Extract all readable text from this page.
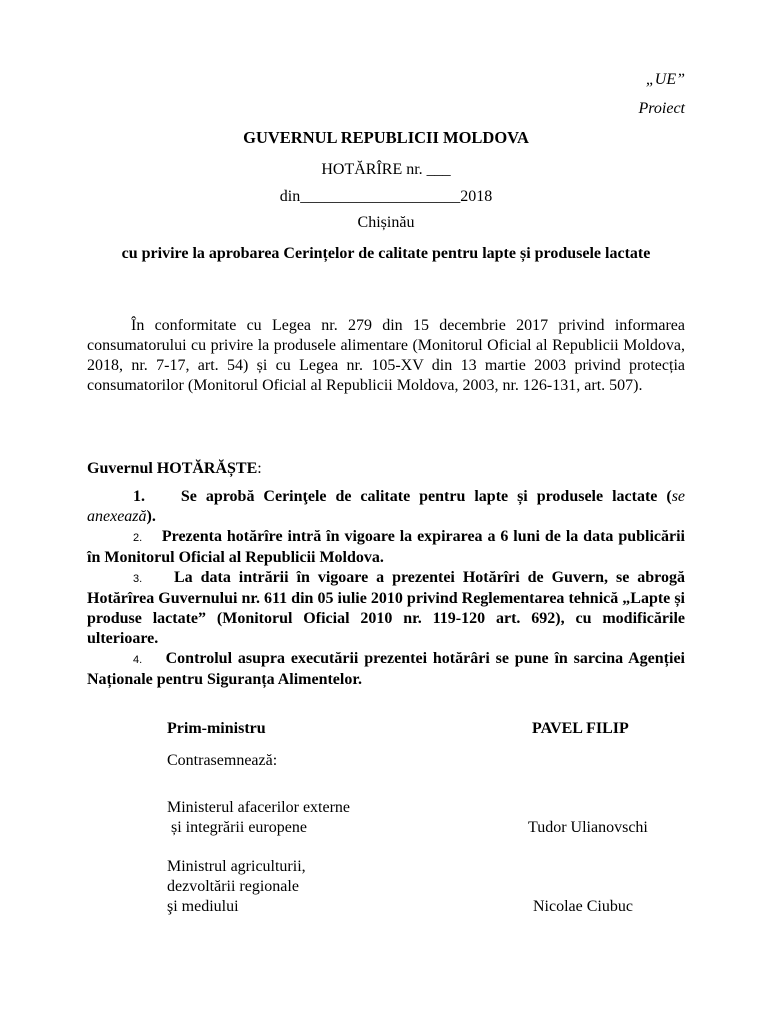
„UE”
Proiect
GUVERNUL REPUBLICII MOLDOVA
HOTĂRÎRE nr. ___
din____________________2018
Chișinău
cu privire la aprobarea Cerințelor de calitate pentru lapte și produsele lactate
În conformitate cu Legea nr. 279 din 15 decembrie 2017 privind informarea consumatorului cu privire la produsele alimentare (Monitorul Oficial al Republicii Moldova, 2018, nr. 7-17, art. 54) și cu Legea nr. 105-XV din 13 martie 2003 privind protecția consumatorilor (Monitorul Oficial al Republicii Moldova, 2003, nr. 126-131, art. 507).
Guvernul HOTĂRĂȘTE:
1. Se aprobă Cerinţele de calitate pentru lapte și produsele lactate (se anexează).
2. Prezenta hotărîre intră în vigoare la expirarea a 6 luni de la data publicării în Monitorul Oficial al Republicii Moldova.
3. La data intrării în vigoare a prezentei Hotărîri de Guvern, se abrogă Hotărîrea Guvernului nr. 611 din 05 iulie 2010 privind Reglementarea tehnică „Lapte și produse lactate” (Monitorul Oficial 2010 nr. 119-120 art. 692), cu modificările ulterioare.
4. Controlul asupra executării prezentei hotărâri se pune în sarcina Agenției Naționale pentru Siguranța Alimentelor.
Prim-ministru	PAVEL FILIP
Contrasemnează:
Ministerul afacerilor externe
și integrării europene	Tudor Ulianovschi
Ministrul agriculturii,
dezvoltării regionale
şi mediului	Nicolae Ciubuc
